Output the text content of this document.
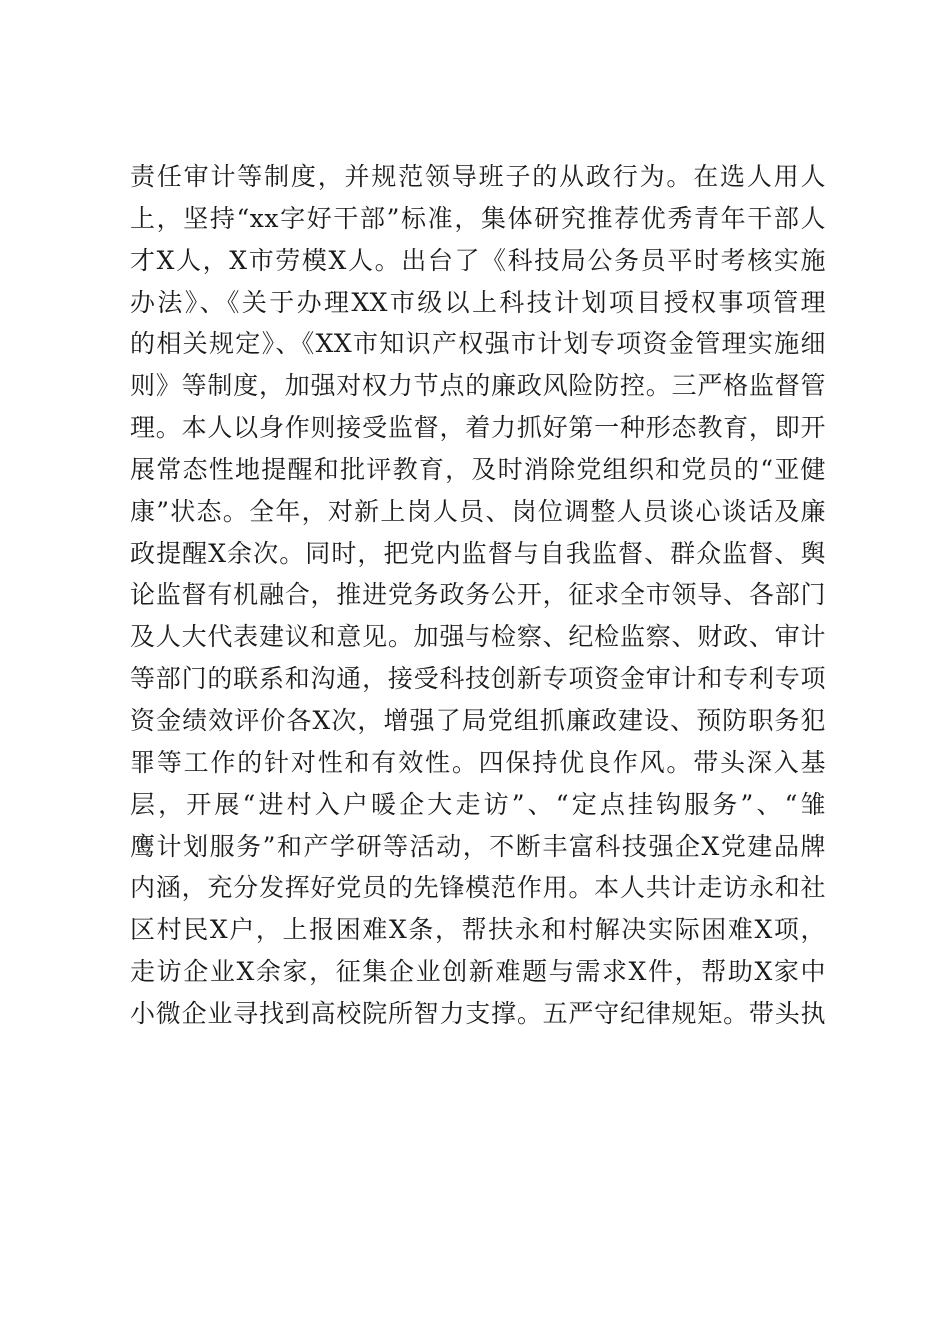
责任审计等制度，并规范领导班子的从政行为。在选人用人
上，坚持“xx字好干部”标准，集体研究推荐优秀青年干部人
才X人，X市劳模X人。出台了《科技局公务员平时考核实施
办法》、《关于办理XX市级以上科技计划项目授权事项管理
的相关规定》、《XX市知识产权强市计划专项资金管理实施细
则》等制度，加强对权力节点的廉政风险防控。三严格监督管
理。本人以身作则接受监督，着力抓好第一种形态教育，即开
展常态性地提醒和批评教育，及时消除党组织和党员的“亚健
康”状态。全年，对新上岗人员、岗位调整人员谈心谈话及廉
政提醒X余次。同时，把党内监督与自我监督、群众监督、舆
论监督有机融合，推进党务政务公开，征求全市领导、各部门
及人大代表建议和意见。加强与检察、纪检监察、财政、审计
等部门的联系和沟通，接受科技创新专项资金审计和专利专项
资金绩效评价各X次，增强了局党组抓廉政建设、预防职务犯
罪等工作的针对性和有效性。四保持优良作风。带头深入基
层，开展“进村入户暖企大走访”、“定点挂钩服务”、“雏
鹰计划服务”和产学研等活动，不断丰富科技强企X党建品牌
内涵，充分发挥好党员的先锋模范作用。本人共计走访永和社
区村民X户，上报困难X条，帮扶永和村解决实际困难X项，
走访企业X余家，征集企业创新难题与需求X件，帮助X家中
小微企业寻找到高校院所智力支撑。五严守纪律规矩。带头执
